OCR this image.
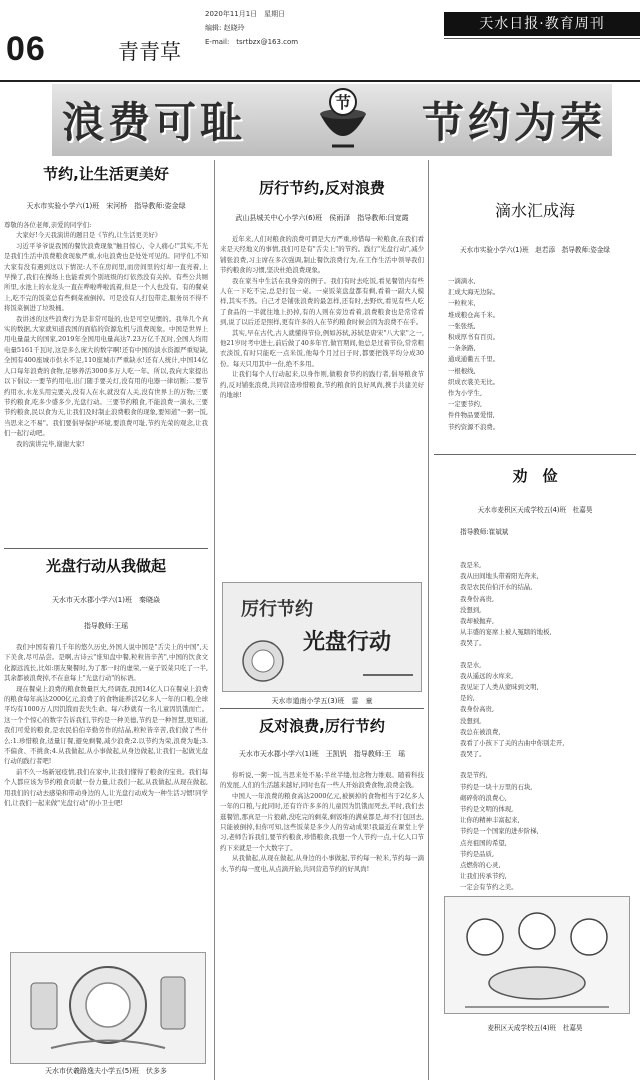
06	青青草
2020年11月1日　星期日
编辑: 赵晓玲
E-mail:　tsrtbzx@163.com
天水日报·教育周刊
浪费可耻	节 节约为荣
节约,让生活更美好
天水市实验小学六(1)班　宋河桥　指导教师:姿金绿

尊敬的各位老师,亲爱的同学们:

大家好!今天我演讲的题目是《节约,让生活更美好》

习近平爷爷说我国的餐饮浪费现象"触目惊心、令人痛心!"其实,不光是我们生活中浪费粮食现象严重,水电浪费也是处处可见的。同学们,不知大家有没有遇到这以下情况:人不在房间里,而房间里的灯却一直亮着,上早操了,我们在操场上也能看到个别班级的灯依然没有关掉。有些公共厕所里,水池上的水龙头一直在哗啦哗啦流着,但是一个人也没有。有的餐桌上,吃不完的饭菜总有些剩菜被倒掉。可是没有人打包带走,服务员不得不将饭菜倒进了垃圾桶。

我讲述的这些浪费行为是非常可耻的,也是可空见惯的。我举几个真实的数据,大家就知道我国的面临的资源危机与浪费现象。中国是世界上用电量最大的国家,2019年全国用电量高达7.23万亿千瓦时,全国人均用电量5161千瓦时,这是多么庞大的数字啊!还有中国的淡水资源严重短缺,全国有400座城市供水不足,110座城市严重缺水!还有人统计,中国14亿人口每年浪费的食物,足够养活3000多万人吃一年。所以,我向大家提出以下倡议:一要节约用电,出门随手要关灯,没有用的电器一律切断;二要节约用水,水龙头用完要关,没有人在水,就没有人关,没有世界上的万物;三要节约粮食,吃多少盛多少,光盘行动。三要节约粮食,不能浪费一滴水,三要节约粮食,民以食为天,让我们及时制止浪费粮食的现象,要知道"一粥一饭,当思来之不易"。我们要倡导保护环境,要浪费可耻,节约光荣的观念,让我们一起行动吧。

我的演讲完毕,谢谢大家!

光盘行动从我做起
天水市天水郡小学六(1)班　秦晓焱
指导教师:王瑶

我们中国有着几千年的悠久历史,外国人说中国是"舌尖上的中国",天下美食,尽可品尝。是啊,古诗云"谁知盘中餐,粒粒皆辛苦",中国的饮食文化源远流长,比如:朋友聚餐时,为了那一时的虚荣,一桌子饭菜只吃了一半,其余都被浪费掉,不在意每上"光盘行动"的标语。

现在餐桌上浪费的粮食数量巨大,经调查,我国14亿人口在餐桌上浪费的粮食每年高达2000亿元,浪费了的食物能养活2亿多人一年的口粮,全球平均有1000万人因饥饿而丧失生命。每六秒就有一名儿童因饥饿而亡。这一个个惊心的数字告诉我们,节约是一种美德,节约是一种智慧,更知道,我们可爱的粮食,是农民伯伯辛勤劳作的结晶,粒粒皆辛苦,我们做了些什么:1.珍惜粮食,适量订餐,避免剩餐,减少浪费;2.以节约为荣,浪费为耻;3.不偏食、不挑食;4.从我做起,从小事做起,从身边做起,让我们一起做光盘行动的践行者吧!

前不久一场新冠疫情,我们在家中,让我们懂得了粮食的宝贵。我们每个人都应该为节约粮食贡献一份力量,让我们一起,从我做起,从现在做起,用我们的行动去感染和带动身边的人,让光盘行动成为一种生活习惯!同学们,让我们一起来做"光盘行动"的小卫士吧!

天水市伏羲路逸夫小学五(5)班　伏多多
厉行节约,反对浪费
武山县城关中心小学六(6)班　侯雨泽　指导教师:闫宽霞

近年来,人们对粮食的浪费可谓是大方严重,珍惜每一粒粮食,在我们看来是天经地义的事情,我们可是有"舌尖上"的节约。践行"光盘行动",减少铺张浪费,习主席在多次强调,制止餐饮浪费行为,在工作生活中领导我们节约粮食的习惯,坚决杜绝浪费现象。

我在家当中生活在我身旁的例子。我们有时去吃饭,看见餐馆内有些人在一下吃不完,总是打包一桌。一桌饭菜盘盘都有剩,看着一副大人模样,其实不然。自己才是铺张浪费的最怎样,还有时,去野炊,看见有些人吃了食品的一半就往地上扔掉,有的人则在旁边看着,浪费粮食也是常常看到,说了以后还是照样,更有许多的人在节约粮食时候会因为浪费不在乎。

其实,早在古代,古人就懂得节俭,例如苏轼,苏轼是唐宋"八大家"之一,他21岁时考中进士,前后做了40多年官,做官期间,他总是过着节俭,常常粗衣淡饭,有时只能吃一点米饭,他每个月过日子时,都要把钱平均分成30份。每天只用其中一份,绝不多用。

让我们每个人行动起来,以身作则,做粮食节约的践行者,倡导粮食节约,反对铺张浪费,共同营造珍惜粮食,节约粮食的良好风尚,携手共建美好的地球!

厉行节约
光盘行动
天水市道南小学五(3)班　雷　童
反对浪费,厉行节约
天水市天水郡小学六(1)班　王凯钒　指导教师:王　瑶

你听说,一粥一饭,当思来处不易;半丝半缕,恒念物力维艰。随着科技的发展,人们的生活越来越好,同时也有一些人开始浪费食物,浪费金钱。

中国人一年浪费的粮食高达2000亿元,被倒掉的食物相当于2亿多人一年的口粮,与此同时,还有许许多多的儿童因为饥饿而死去,平时,我们去逛餐馆,那真是一片狼藉,没吃完的剩菜,剩饭堆的满桌都是,却不打包回去,只能被倒掉,但你可知,这些饭菜是多少人的劳动成果!我最近在课堂上学习,老师告诉我们,要节约粮食,珍惜粮食,我想一个人节约一点,十亿人口节约下来就是一个大数字了。

从我做起,从现在做起,从身边的小事做起,节约每一粒米,节约每一滴水,节约每一度电,从点滴开始,共同营造节约的好风尚!

滴水汇成海
天水市实验小学六(1)班　赵若添　指导教师:姿金绿
一滴滴水,
汇成大海无边际。
一粒粒米,
堆成粮仓高千米。
一张张纸,
积成厚书有百页。
一条条路,
通成通衢五千里。
一根根线,
织成衣裳美无比。
作为小学生,
一定要节约,
件件物品要爱惜,
节约资源不浪费。
劝　俭
天水市麦积区天成学校五(4)班　杜嘉昊
指导教师:崔斌斌
我是米,
我从田间地头带着阳光奔来,
我是农民伯伯汗水的结晶,
我身份高贵,
没想到,
我却被抛弃,
从丰盛的宴席上被人冤瞎的地板,
我哭了。
我是水,
我从遥远的水库来,
我见证了人类从蒙昧到文明,
是的,
我身份高贵,
没想到,
我总在被浪费,
我看了小孩下了关的古曲中你别走开,
我哭了。
我是节约,
节约是一块十万里的石块,
砌碎你的浪费心,
节约是文明的体现,
让你的精神丰富起来,
节约是一个国家的进步阶梯,
点亮祖国的希望,
节约是品质,
点燃你的心灵,
让我们传承节约,
一定会有节约之美。
麦积区天成学校五(4)班　杜嘉昊
